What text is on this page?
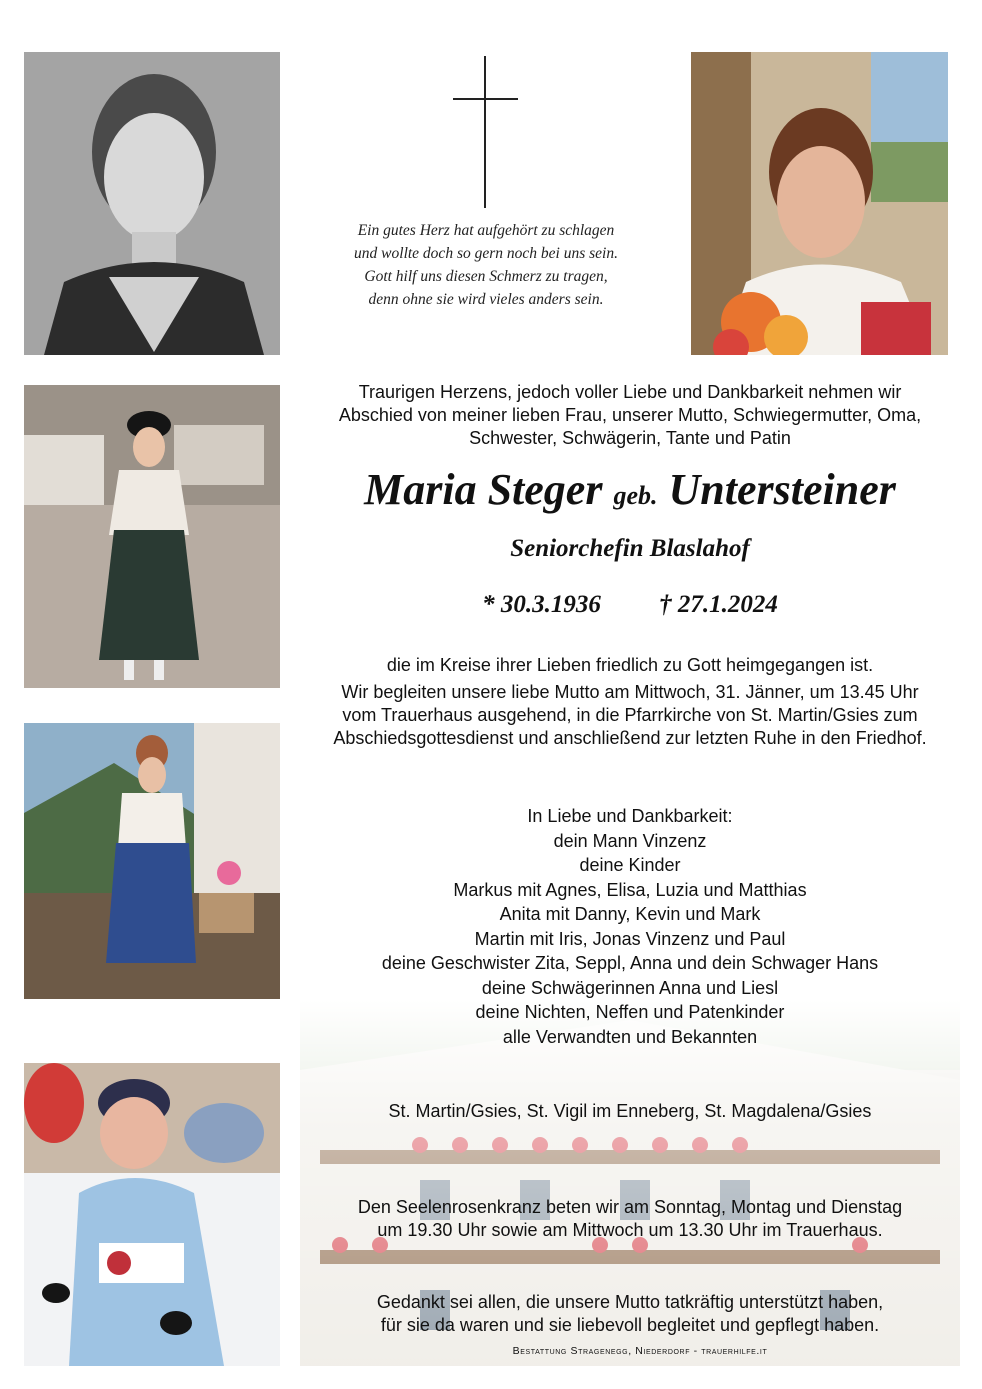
Ein gutes Herz hat aufgehört zu schlagen
und wollte doch so gern noch bei uns sein.
Gott hilf uns diesen Schmerz zu tragen,
denn ohne sie wird vieles anders sein.
Traurigen Herzens, jedoch voller Liebe und Dankbarkeit nehmen wir
Abschied von meiner lieben Frau, unserer Mutto, Schwiegermutter, Oma,
Schwester, Schwägerin, Tante und Patin
Maria Steger geb. Untersteiner
Seniorchefin Blaslahof
* 30.3.1936 † 27.1.2024
die im Kreise ihrer Lieben friedlich zu Gott heimgegangen ist.
Wir begleiten unsere liebe Mutto am Mittwoch, 31. Jänner, um 13.45 Uhr
vom Trauerhaus ausgehend, in die Pfarrkirche von St. Martin/Gsies zum
Abschiedsgottesdienst und anschließend zur letzten Ruhe in den Friedhof.
In Liebe und Dankbarkeit:
dein Mann Vinzenz
deine Kinder
Markus mit Agnes, Elisa, Luzia und Matthias
Anita mit Danny, Kevin und Mark
Martin mit Iris, Jonas Vinzenz und Paul
deine Geschwister Zita, Seppl, Anna und dein Schwager Hans
deine Schwägerinnen Anna und Liesl
deine Nichten, Neffen und Patenkinder
alle Verwandten und Bekannten
St. Martin/Gsies, St. Vigil im Enneberg, St. Magdalena/Gsies
Den Seelenrosenkranz beten wir am Sonntag, Montag und Dienstag
um 19.30 Uhr sowie am Mittwoch um 13.30 Uhr im Trauerhaus.
Gedankt sei allen, die unsere Mutto tatkräftig unterstützt haben,
für sie da waren und sie liebevoll begleitet und gepflegt haben.
Bestattung Stragenegg, Niederdorf - trauerhilfe.it
